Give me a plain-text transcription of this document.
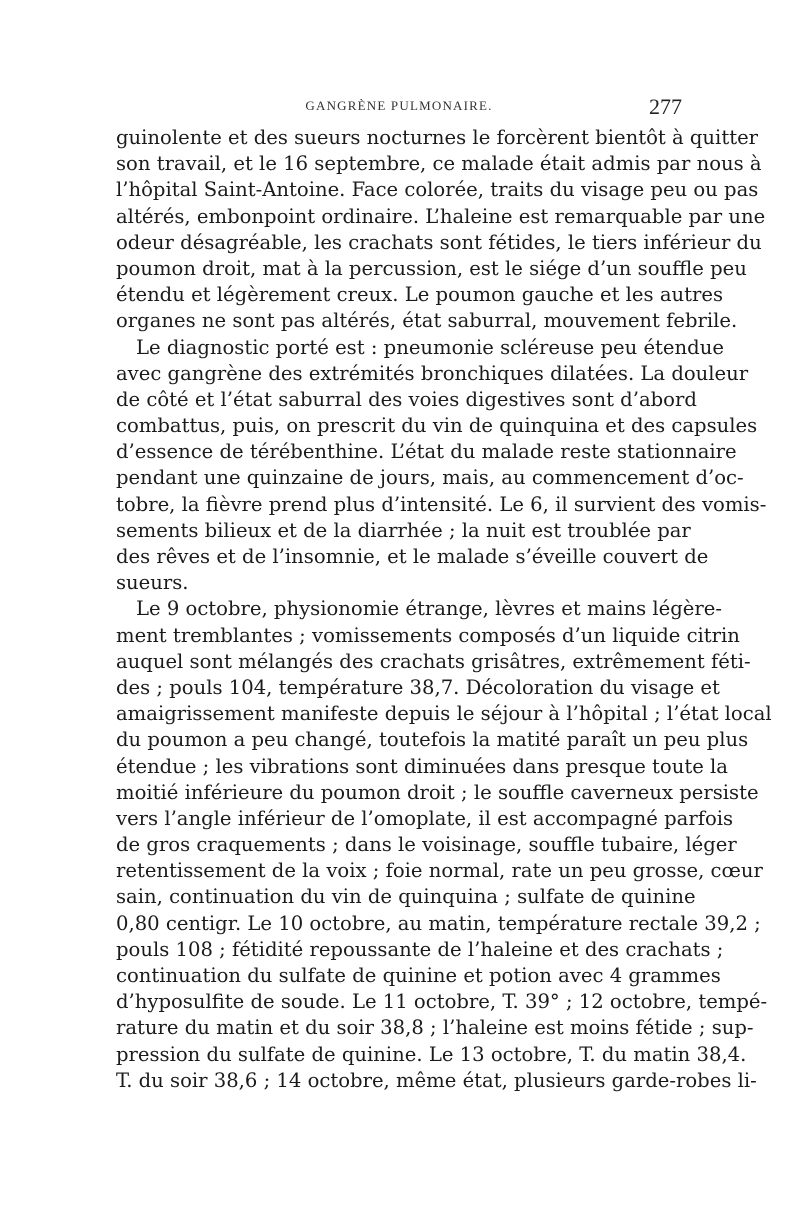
GANGRÈNE PULMONAIRE.	277
guinolente et des sueurs nocturnes le forcèrent bientôt à quitter
son travail, et le 16 septembre, ce malade était admis par nous à
l’hôpital Saint-Antoine. Face colorée, traits du visage peu ou pas
altérés, embonpoint ordinaire. L’haleine est remarquable par une
odeur désagréable, les crachats sont fétides, le tiers inférieur du
poumon droit, mat à la percussion, est le siége d’un souffle peu
étendu et légèrement creux. Le poumon gauche et les autres
organes ne sont pas altérés, état saburral, mouvement febrile.
Le diagnostic porté est : pneumonie scléreuse peu étendue
avec gangrène des extrémités bronchiques dilatées. La douleur
de côté et l’état saburral des voies digestives sont d’abord
combattus, puis, on prescrit du vin de quinquina et des capsules
d’essence de térébenthine. L’état du malade reste stationnaire
pendant une quinzaine de jours, mais, au commencement d’oc-
tobre, la fièvre prend plus d’intensité. Le 6, il survient des vomis-
sements bilieux et de la diarrhée ; la nuit est troublée par
des rêves et de l’insomnie, et le malade s’éveille couvert de
sueurs.
Le 9 octobre, physionomie étrange, lèvres et mains légère-
ment tremblantes ; vomissements composés d’un liquide citrin
auquel sont mélangés des crachats grisâtres, extrêmement féti-
des ; pouls 104, température 38,7. Décoloration du visage et
amaigrissement manifeste depuis le séjour à l’hôpital ; l’état local
du poumon a peu changé, toutefois la matité paraît un peu plus
étendue ; les vibrations sont diminuées dans presque toute la
moitié inférieure du poumon droit ; le souffle caverneux persiste
vers l’angle inférieur de l’omoplate, il est accompagné parfois
de gros craquements ; dans le voisinage, souffle tubaire, léger
retentissement de la voix ; foie normal, rate un peu grosse, cœur
sain, continuation du vin de quinquina ; sulfate de quinine
0,80 centigr. Le 10 octobre, au matin, température rectale 39,2 ;
pouls 108 ; fétidité repoussante de l’haleine et des crachats ;
continuation du sulfate de quinine et potion avec 4 grammes
d’hyposulfite de soude. Le 11 octobre, T. 39° ; 12 octobre, tempé-
rature du matin et du soir 38,8 ; l’haleine est moins fétide ; sup-
pression du sulfate de quinine. Le 13 octobre, T. du matin 38,4.
T. du soir 38,6 ; 14 octobre, même état, plusieurs garde-robes li-
